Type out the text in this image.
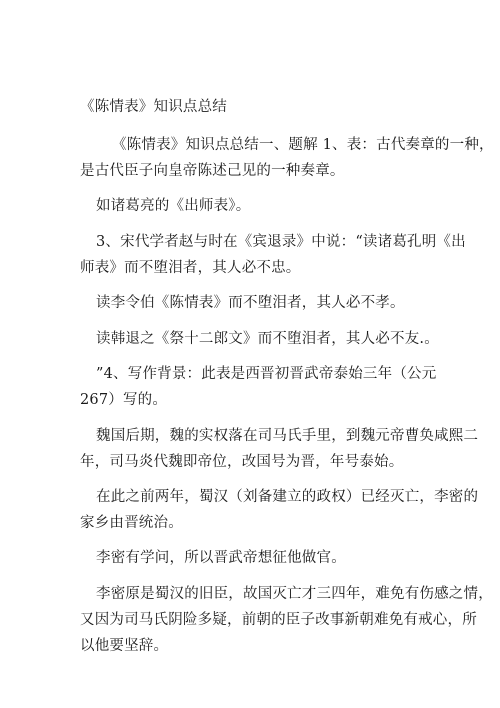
《陈情表》知识点总结
《陈情表》知识点总结一、题解 1、表：古代奏章的一种，
是古代臣子向皇帝陈述己见的一种奏章。
如诸葛亮的《出师表》。
3、宋代学者赵与时在《宾退录》中说：“读诸葛孔明《出
师表》而不堕泪者，其人必不忠。
读李令伯《陈情表》而不堕泪者，其人必不孝。
读韩退之《祭十二郎文》而不堕泪者，其人必不友.。
”4、写作背景：此表是西晋初晋武帝泰始三年（公元
267）写的。
魏国后期，魏的实权落在司马氏手里，到魏元帝曹奂咸熙二
年，司马炎代魏即帝位，改国号为晋，年号泰始。
在此之前两年，蜀汉（刘备建立的政权）已经灭亡，李密的
家乡由晋统治。
李密有学问，所以晋武帝想征他做官。
李密原是蜀汉的旧臣，故国灭亡才三四年，难免有伤感之情，
又因为司马氏阴险多疑，前朝的臣子改事新朝难免有戒心，所
以他要坚辞。
